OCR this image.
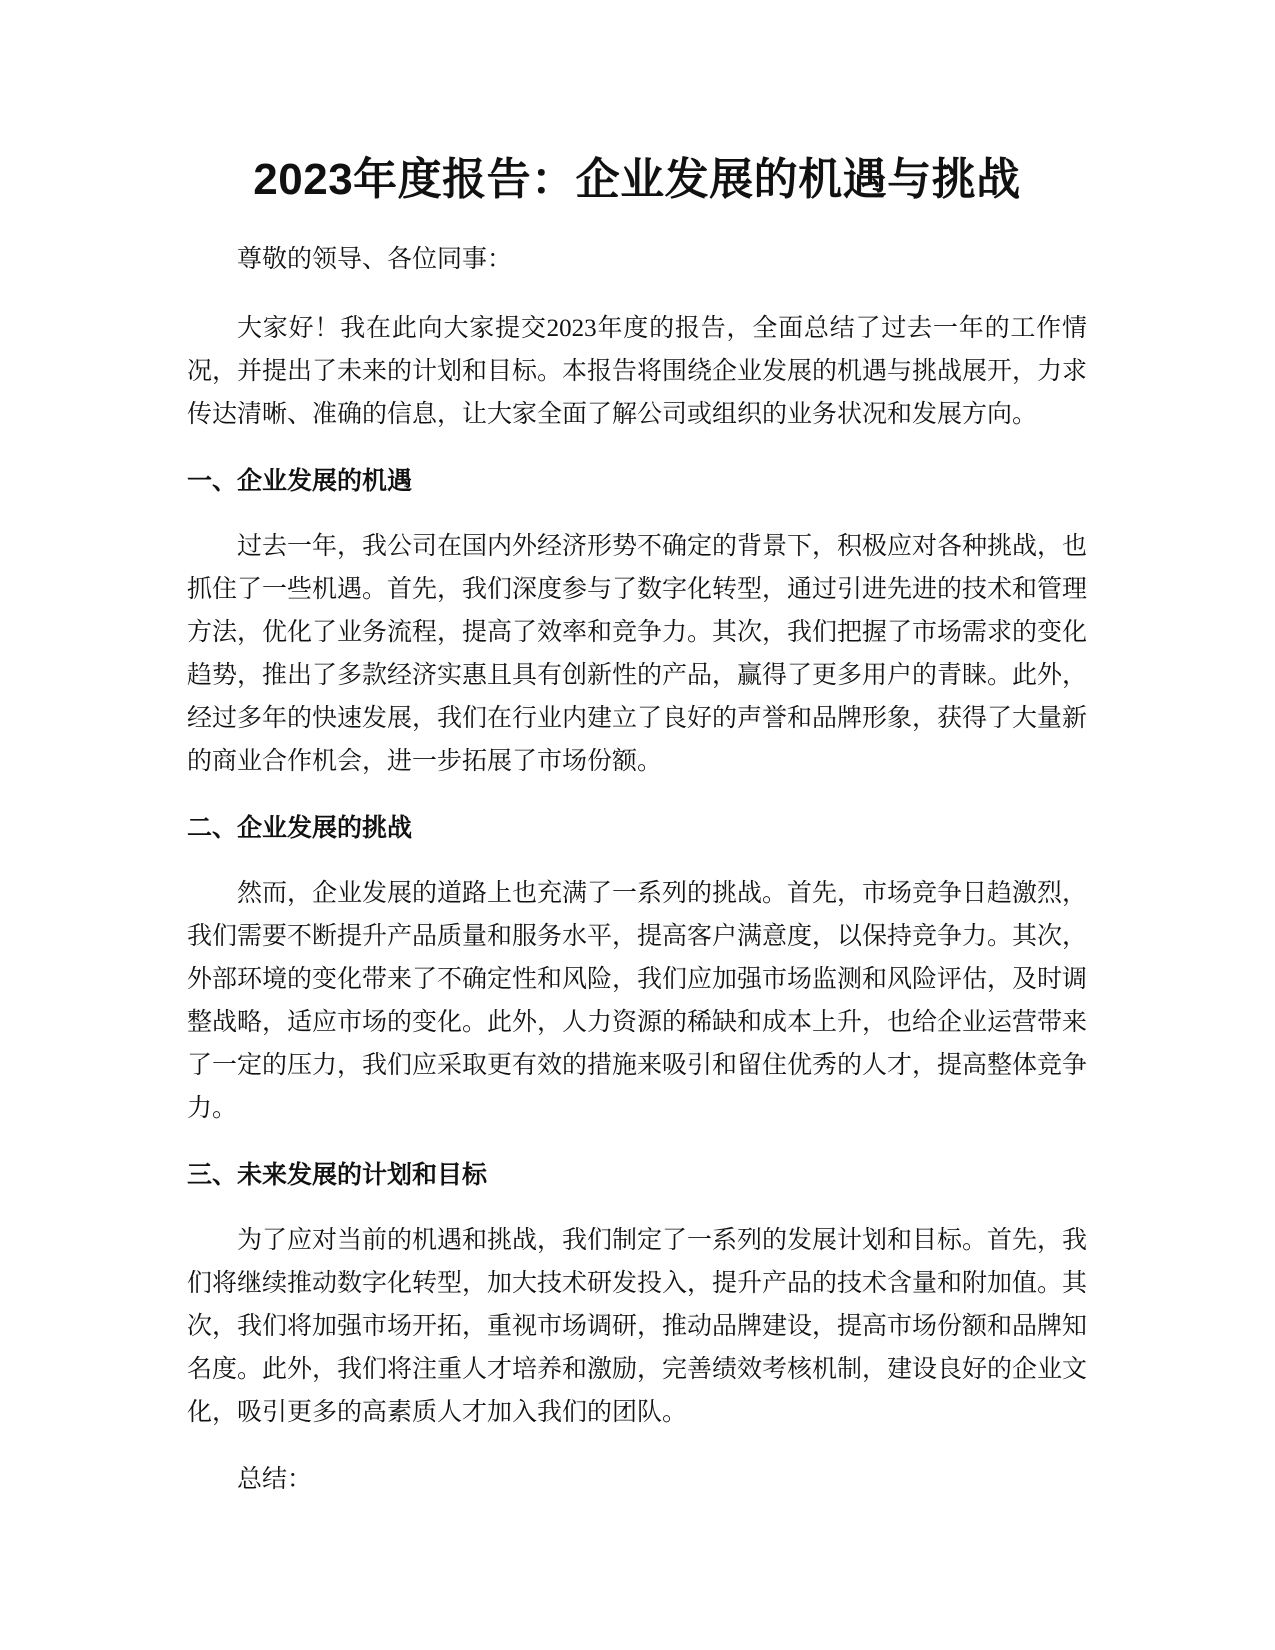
2023年度报告：企业发展的机遇与挑战

尊敬的领导、各位同事：

大家好！我在此向大家提交2023年度的报告，全面总结了过去一年的工作情况，并提出了未来的计划和目标。本报告将围绕企业发展的机遇与挑战展开，力求传达清晰、准确的信息，让大家全面了解公司或组织的业务状况和发展方向。

一、企业发展的机遇

过去一年，我公司在国内外经济形势不确定的背景下，积极应对各种挑战，也抓住了一些机遇。首先，我们深度参与了数字化转型，通过引进先进的技术和管理方法，优化了业务流程，提高了效率和竞争力。其次，我们把握了市场需求的变化趋势，推出了多款经济实惠且具有创新性的产品，赢得了更多用户的青睐。此外，经过多年的快速发展，我们在行业内建立了良好的声誉和品牌形象，获得了大量新的商业合作机会，进一步拓展了市场份额。

二、企业发展的挑战

然而，企业发展的道路上也充满了一系列的挑战。首先，市场竞争日趋激烈，我们需要不断提升产品质量和服务水平，提高客户满意度，以保持竞争力。其次，外部环境的变化带来了不确定性和风险，我们应加强市场监测和风险评估，及时调整战略，适应市场的变化。此外，人力资源的稀缺和成本上升，也给企业运营带来了一定的压力，我们应采取更有效的措施来吸引和留住优秀的人才，提高整体竞争力。

三、未来发展的计划和目标

为了应对当前的机遇和挑战，我们制定了一系列的发展计划和目标。首先，我们将继续推动数字化转型，加大技术研发投入，提升产品的技术含量和附加值。其次，我们将加强市场开拓，重视市场调研，推动品牌建设，提高市场份额和品牌知名度。此外，我们将注重人才培养和激励，完善绩效考核机制，建设良好的企业文化，吸引更多的高素质人才加入我们的团队。

总结：
